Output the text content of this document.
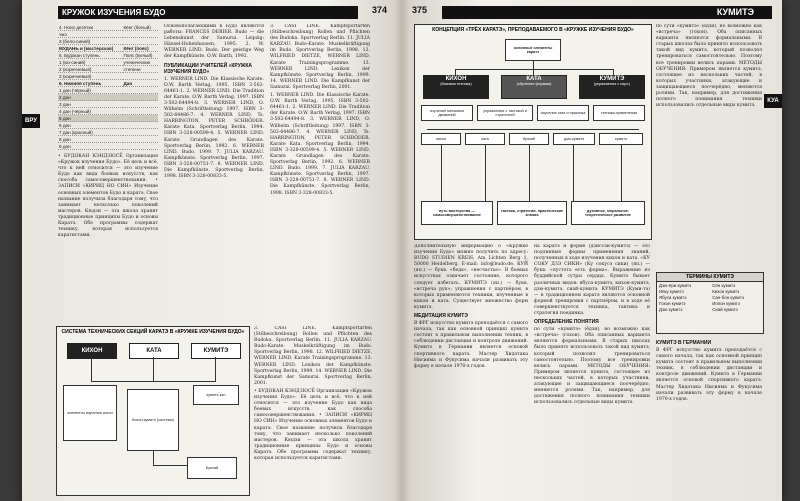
КРУЖОК ИЗУЧЕНИЯ БУДО	374
ВРУ
4. Ноно десятки	Кёнг (белый)
чжэ	
3 (бело-синий)	
МУДАНЬ и (мастерская)	Кёнг (пояс)
5. Будокан ступень	Пояс (Белый)
1 (кю-синий)	ученические
2 (коричневый)	степени
3 (коричневый)	
6. Нижняя ступень	Дан
1 дан (чёрный)	
2 дан	
3 дан	
4 дан (чёрный)	
5 дан	
6 дан	
7 дан (красный)	
8 дан	
9 дан	

• БУДОКАН КЭНДЗЮСЁ Организация «Кружок изучения Будо». Её цель и всё, что к ней относится — это изучение Будо как вида боевых искусств, как способа самосовершенствования. • ЗАПИСИ «КИРИЦ НО СИН» Изучение основных элементов Будо и каратэ. Свое название получила благодаря тому, что занимает несколько поколений мастеров. Кюдзи — эта школа хранит традиционные принципы Будо и основы Каратэ. Обе программы содержат технику, которая используется каратистами.

Основополагающими в Будо являются работы: FRANCES DEBIER. Budo — die Lebenskunst der Samurai. Leipzig: Hänsel-Hohenhausen, 1995. 2. W. WERNER LIND. Budo. Der geistige Weg der Kampfkünste. O.W. Barth, 1992.

ПУБЛИКАЦИИ УЧИТЕЛЕЙ «КРУЖКА ИЗУЧЕНИЯ БУДО»

1. WERNER LIND. Die Klassische Karate. O.W. Barth Verlag, 1995. ISBN 3-502-64461-1. 2. WERNER LIND. Die Tradition der Karate. O.W. Barth Verlag, 1997. ISBN 3-502-64494-8. 3. WERNER LIND, O. Wilhelm (Schriftleitung) 1997. ISBN 3-502-64486-7. 4. WERNER LIND, Ts. HARRINGTON, PETER SCHRÖDER. Karate Kata. Sportverlag Berlin, 1994. ISBN 3-328-00599-4. 5. WERNER LIND. Karate Grundlagen des Karate. Sportverlag Berlin, 1992. 6. WERNER LIND. Budo. 1999. 7. JULIA KARZAU. Kampfkünste. Sportverlag Berlin, 1997. ISBN 3-328-00751-7. 8. WERNER LIND. Die Kampfkünste. Sportverlag Berlin, 1998. ISBN 3-328-00833-5.

3. CASI LINE. Kampfsportarten (Stilbeschreibung) Rollen und Pflichten des Budoka. Sportverlag Berlin. 11. JULIA KARZAU. Budo-Karate. Muskelkräftigung im Budo. Sportverlag Berlin, 1998. 12. WILFRIED DIETZE, WERNER LIND. Karate Trainingsprogramme. 13. WERNER LIND. Lexikon der Kampfkünste. Sportverlag Berlin, 1999. 14. WERNER LIND. Die Kampfkunst der Samurai. Sportverlag Berlin, 2001.

1. WERNER LIND. Die Klassische Karate. O.W. Barth Verlag, 1995. ISBN 3-502-64461-1. 2. WERNER LIND. Die Tradition der Karate. O.W. Barth Verlag, 1997. ISBN 3-502-64494-8. 3. WERNER LIND, O. Wilhelm (Schriftleitung) 1997. ISBN 3-502-64486-7. 4. WERNER LIND, Ts. HARRINGTON, PETER SCHRÖDER. Karate Kata. Sportverlag Berlin, 1994. ISBN 3-328-00599-4. 5. WERNER LIND. Karate Grundlagen des Karate. Sportverlag Berlin, 1992. 6. WERNER LIND. Budo. 1999. 7. JULIA KARZAU. Kampfkünste. Sportverlag Berlin, 1997. ISBN 3-328-00751-7. 8. WERNER LIND. Die Kampfkünste. Sportverlag Berlin, 1998. ISBN 3-328-00833-5.

СИСТЕМА ТЕХНИЧЕСКИХ СЕКЦИЙ КАРАТЭ В «КРУЖКЕ ИЗУЧЕНИЯ БУДО»
КИХОН	КАТА	КУМИТЭ
элементы изучения кихон
Кихон-кумитэ (система)
кумитэ-кэн
Бункай

3. CASI LINE. Kampfsportarten (Stilbeschreibung) Rollen und Pflichten des Budoka. Sportverlag Berlin. 11. JULIA KARZAU. Budo-Karate. Muskelkräftigung im Budo. Sportverlag Berlin, 1998. 12. WILFRIED DIETZE, WERNER LIND. Karate Trainingsprogramme. 13. WERNER LIND. Lexikon der Kampfkünste. Sportverlag Berlin, 1999. 14. WERNER LIND. Die Kampfkunst der Samurai. Sportverlag Berlin, 2001.

• БУДОКАН КЭНДЗЮСЁ Организация «Кружок изучения Будо». Её цель и всё, что к ней относится — это изучение Будо как вида боевых искусств, как способа самосовершенствования. • ЗАПИСИ «КИРИЦ НО СИН» Изучение основных элементов Будо и каратэ. Свое название получила благодаря тому, что занимает несколько поколений мастеров. Кюдзи — эта школа хранит традиционные принципы Будо и основы Каратэ. Обе программы содержат технику, которая используется каратистами.

375	КУМИТЭ
КУА
КОНЦЕПЦИЯ «ТРЁХ КАРАТЭ», ПРЕПОДАВАЕМОГО В «КРУЖКЕ ИЗУЧЕНИЯ БУДО»
основные элементы каратэ
КИХОН
(базовая техника)
КАТА
(обучение формам)
КУМИТЭ
(упражнения с парт.)
изучение механики движений
упражнения с тактикой и стратегией	изучение ката и практика	техника применения
кихон	ката	бункай	дзю-кумитэ	кумитэ
путь мастерства — самосовершенствование
тактика, стратегия, практические знания
духовное, моральное, теоретическое развитие

по сути «кумитэ» (ёдзи), но возможно как «встреча» (гохон). Оба описанных варианта являются формальными. В старых школах было принято использовать такой вид кумитэ, который позволял тренироваться самостоятельно. Поэтому все тренировки велись парами. МЕТОДЫ ОБУЧЕНИЯ: Примером является кумитэ, состоящее из нескольких частей, в которых участники, атакующие и защищающиеся поочерёдно, меняются ролями. Так, например, для достижения полного понимания техники использовались отдельные виды кумитэ.

ТЕРМИНЫ КУМИТЭ
Дзю-ёри кумитэ	Сён кумитэ
Ияку кумитэ	Кихон кумитэ
Ябуса кумитэ	Сан-бон кумитэ
Гохон кумитэ	Иппон кумитэ
Дзю кумитэ	Сиай кумитэ
КУМИТЭ В ГЕРМАНИИ

В ФРГ искусство кумитэ преподаётся с самого начала, так как основной принцип кумитэ состоит в правильном выполнении техник, в соблюдении дистанции и контроле движений. Кумитэ в Германии является основой спортивного каратэ. Мастер Хидэтака Нисияма и Фукусима начали развивать эту форму в начале 1970-х годов.

Дополнительную информацию о «Кружке изучения Будо» можно получить по адресу: BUDO STUDIEN KREIS, Am Lichten Berg 1, 50000 Heidelberg. E-mail: info@budo.de. КУЙ (яп.) — букв. «беда», «несчастье». В боевых искусствах означает состояние, которого следует избегать. КУМИТЭ (яп.) — букв. «встреча рук»; упражнения с партнёром, в которых применяются техники, изученные в кихон и ката. Существует множество форм кумитэ.

МЕДИТАЦИЯ КУМИТЭ

В ФРГ искусство кумитэ преподаётся с самого начала, так как основной принцип кумитэ состоит в правильном выполнении техник, в соблюдении дистанции и контроле движений. Кумитэ в Германии является основой спортивного каратэ. Мастер Хидэтака Нисияма и Фукусима начали развивать эту форму в начале 1970-х годов.

на каратэ и форме (дзиссэн-кумитэ) — это подлинные формы применения знаний, полученных в ходе изучения кихон и ката. «КУ СОКУ ДЗЭ СИКИ» (Ку сокусэ сики) (яп.) — букв. «пустота есть форма». Выражение из буддийской сутры сердца. Кумитэ бывает различных видов: ябуса-кумитэ, кихон-кумитэ, дзю-кумитэ, сиай-кумитэ. КУМИТЭ (Куми-тэ) — в традиционном каратэ являются основной формой тренировки с партнёром, и в ходе её совершенствуется техника, тактика и стратегия поединка.

ОПРЕДЕЛЕНИЕ ПОНЯТИЯ

по сути «кумитэ» (ёдзи), но возможно как «встреча» (гохон). Оба описанных варианта являются формальными. В старых школах было принято использовать такой вид кумитэ, который позволял тренироваться самостоятельно. Поэтому все тренировки велись парами. МЕТОДЫ ОБУЧЕНИЯ: Примером является кумитэ, состоящее из нескольких частей, в которых участники, атакующие и защищающиеся поочерёдно, меняются ролями. Так, например, для достижения полного понимания техники использовались отдельные виды кумитэ.
